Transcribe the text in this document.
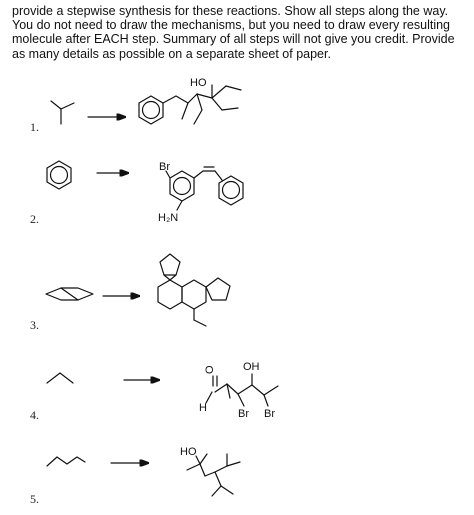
provide a stepwise synthesis for these reactions. Show all steps along the way. You do not need to draw the mechanisms, but you need to draw every resulting molecule after EACH step. Summary of all steps will not give you credit. Provide as many details as possible on a separate sheet of paper.
1.
2.
3.
4.
5.
HO
Br
H₂N
OH
O
H	Br Br
HO
